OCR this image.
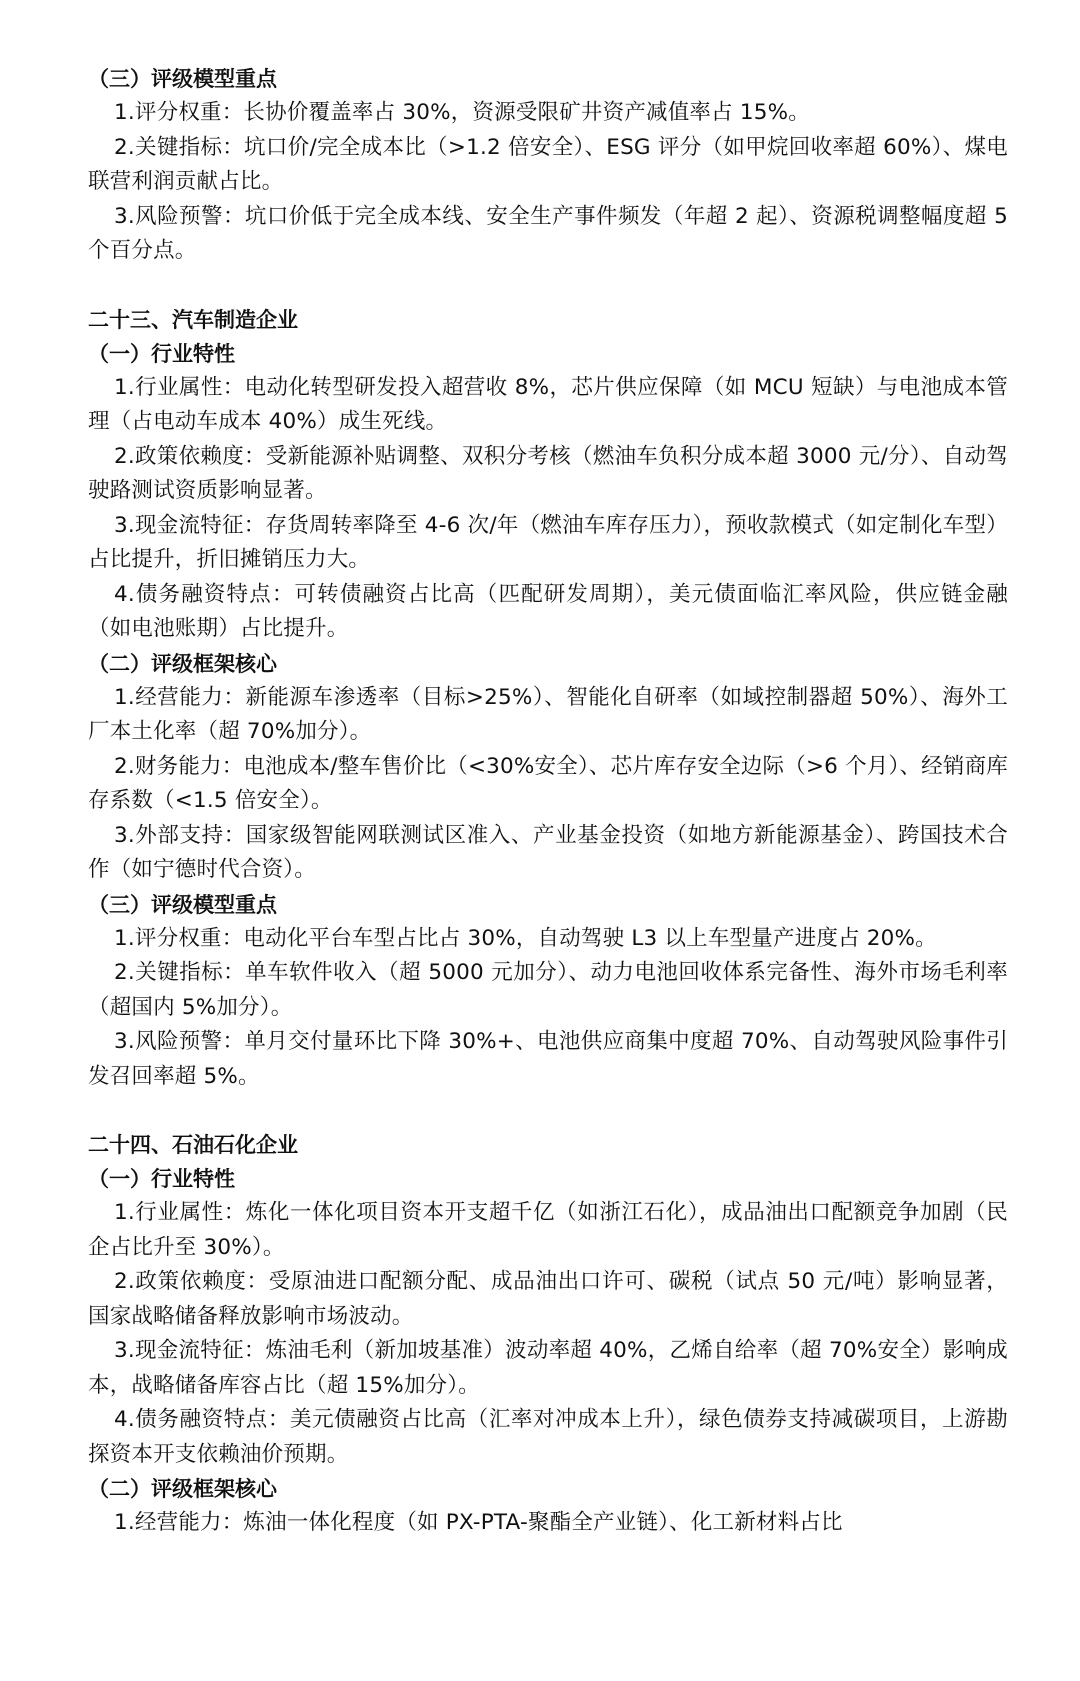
（三）评级模型重点

1.评分权重：长协价覆盖率占 30%，资源受限矿井资产减值率占 15%。

2.关键指标：坑口价/完全成本比（>1.2 倍安全）、ESG 评分（如甲烷回收率超 60%）、煤电联营利润贡献占比。

3.风险预警：坑口价低于完全成本线、安全生产事件频发（年超 2 起）、资源税调整幅度超 5 个百分点。

二十三、汽车制造企业

（一）行业特性

1.行业属性：电动化转型研发投入超营收 8%，芯片供应保障（如 MCU 短缺）与电池成本管理（占电动车成本 40%）成生死线。

2.政策依赖度：受新能源补贴调整、双积分考核（燃油车负积分成本超 3000 元/分）、自动驾驶路测试资质影响显著。

3.现金流特征：存货周转率降至 4-6 次/年（燃油车库存压力），预收款模式（如定制化车型）占比提升，折旧摊销压力大。

4.债务融资特点：可转债融资占比高（匹配研发周期），美元债面临汇率风险，供应链金融（如电池账期）占比提升。

（二）评级框架核心

1.经营能力：新能源车渗透率（目标>25%）、智能化自研率（如域控制器超 50%）、海外工厂本土化率（超 70%加分）。

2.财务能力：电池成本/整车售价比（<30%安全）、芯片库存安全边际（>6 个月）、经销商库存系数（<1.5 倍安全）。

3.外部支持：国家级智能网联测试区准入、产业基金投资（如地方新能源基金）、跨国技术合作（如宁德时代合资）。

（三）评级模型重点

1.评分权重：电动化平台车型占比占 30%，自动驾驶 L3 以上车型量产进度占 20%。

2.关键指标：单车软件收入（超 5000 元加分）、动力电池回收体系完备性、海外市场毛利率（超国内 5%加分）。

3.风险预警：单月交付量环比下降 30%+、电池供应商集中度超 70%、自动驾驶风险事件引发召回率超 5%。

二十四、石油石化企业

（一）行业特性

1.行业属性：炼化一体化项目资本开支超千亿（如浙江石化），成品油出口配额竞争加剧（民企占比升至 30%）。

2.政策依赖度：受原油进口配额分配、成品油出口许可、碳税（试点 50 元/吨）影响显著，国家战略储备释放影响市场波动。

3.现金流特征：炼油毛利（新加坡基准）波动率超 40%，乙烯自给率（超 70%安全）影响成本，战略储备库容占比（超 15%加分）。

4.债务融资特点：美元债融资占比高（汇率对冲成本上升），绿色债券支持减碳项目，上游勘探资本开支依赖油价预期。

（二）评级框架核心

1.经营能力：炼油一体化程度（如 PX-PTA-聚酯全产业链）、化工新材料占比
